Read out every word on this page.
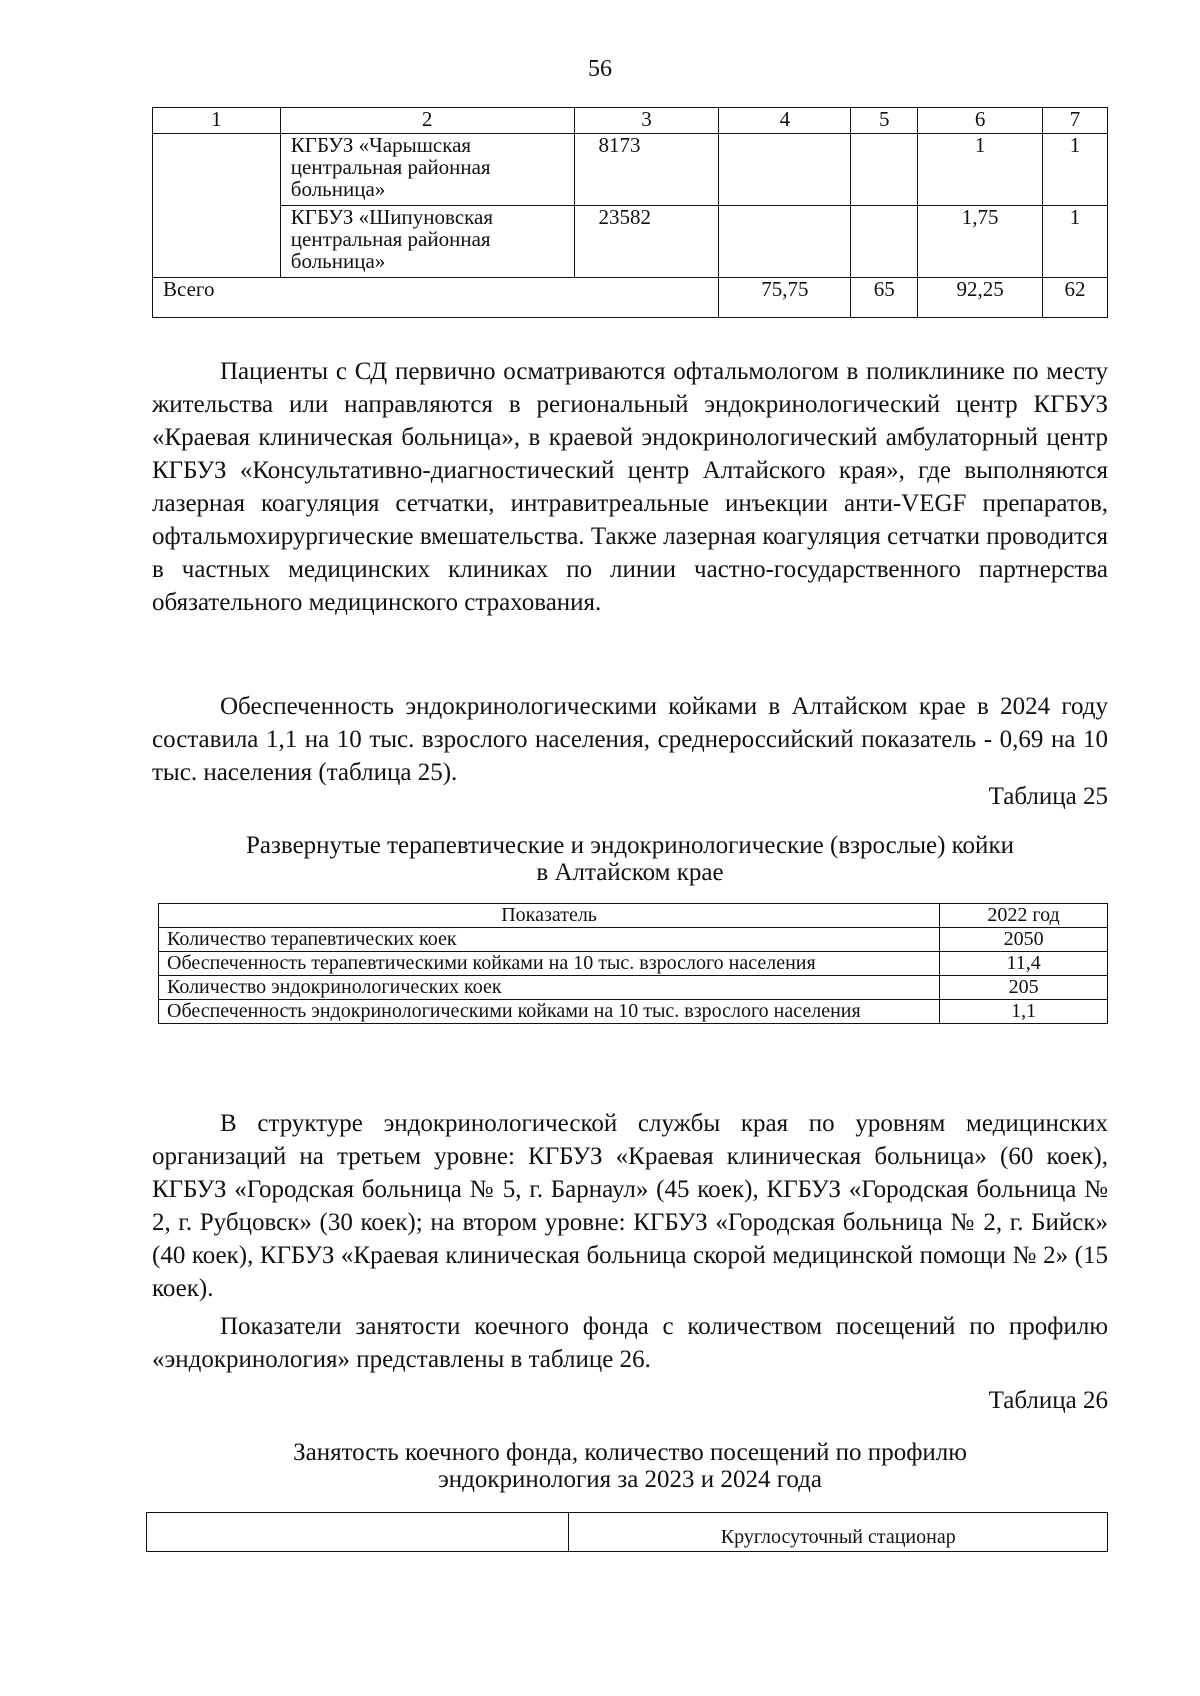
56
1	2	3	4	5	6	7
	КГБУЗ «Чарышская центральная районная больница»	8173			1	1
	КГБУЗ «Шипуновская центральная районная больница»	23582			1,75	1
Всего			75,75	65	92,25	62

Пациенты с СД первично осматриваются офтальмологом в поликлинике по месту жительства или направляются в региональный эндокринологический центр КГБУЗ «Краевая клиническая больница», в краевой эндокринологический амбулаторный центр КГБУЗ «Консультативно-диагностический центр Алтайского края», где выполняются лазерная коагуляция сетчатки, интравитреальные инъекции анти-VEGF препаратов, офтальмохирургические вмешательства. Также лазерная коагуляция сетчатки проводится в частных медицинских клиниках по линии частно-государственного партнерства обязательного медицинского страхования.

Обеспеченность эндокринологическими койками в Алтайском крае в 2024 году составила 1,1 на 10 тыс. взрослого населения, среднероссийский показатель - 0,69 на 10 тыс. населения (таблица 25).

Таблица 25

Развернутые терапевтические и эндокринологические (взрослые) койки
в Алтайском крае

Показатель	2022 год
Количество терапевтических коек	2050
Обеспеченность терапевтическими койками на 10 тыс. взрослого населения	11,4
Количество эндокринологических коек	205
Обеспеченность эндокринологическими койками на 10 тыс. взрослого населения	1,1

В структуре эндокринологической службы края по уровням медицинских организаций на третьем уровне: КГБУЗ «Краевая клиническая больница» (60 коек), КГБУЗ «Городская больница № 5, г. Барнаул» (45 коек), КГБУЗ «Городская больница № 2, г. Рубцовск» (30 коек); на втором уровне: КГБУЗ «Городская больница № 2, г. Бийск» (40 коек), КГБУЗ «Краевая клиническая больница скорой медицинской помощи № 2» (15 коек).

Показатели занятости коечного фонда с количеством посещений по профилю «эндокринология» представлены в таблице 26.

Таблица 26

Занятость коечного фонда, количество посещений по профилю
эндокринология за 2023 и 2024 года

	Круглосуточный стационар
